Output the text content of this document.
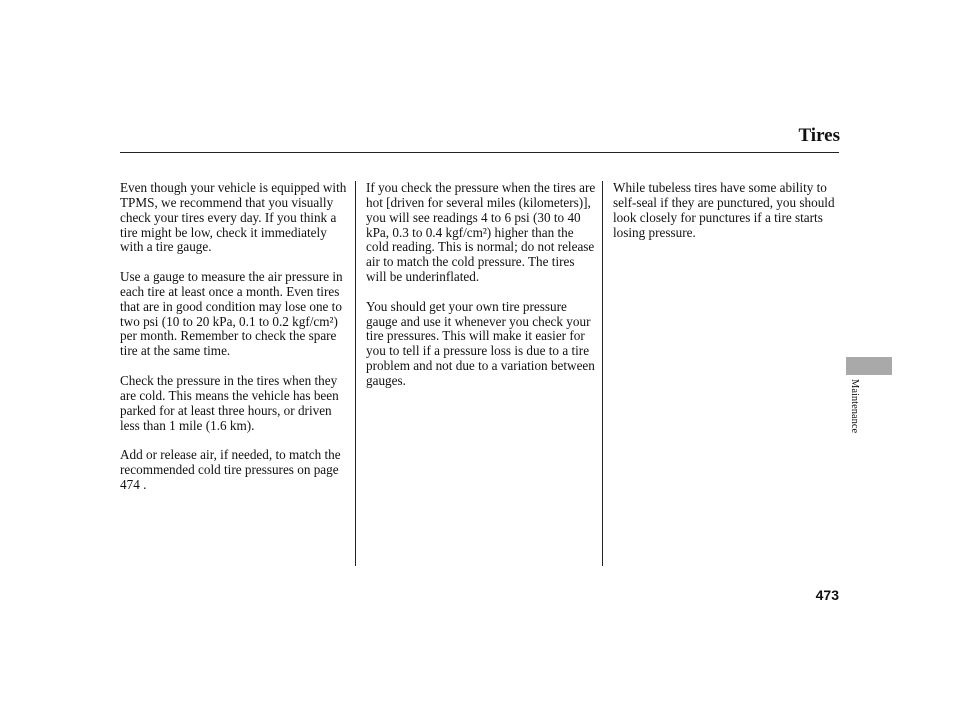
Tires

Even though your vehicle is equipped with TPMS, we recommend that you visually check your tires every day. If you think a tire might be low, check it immediately with a tire gauge.

Use a gauge to measure the air pressure in each tire at least once a month. Even tires that are in good condition may lose one to two psi (10 to 20 kPa, 0.1 to 0.2 kgf/cm²) per month. Remember to check the spare tire at the same time.

Check the pressure in the tires when they are cold. This means the vehicle has been parked for at least three hours, or driven less than 1 mile (1.6 km).

Add or release air, if needed, to match the recommended cold tire pressures on page 474 .

If you check the pressure when the tires are hot [driven for several miles (kilometers)], you will see readings 4 to 6 psi (30 to 40 kPa, 0.3 to 0.4 kgf/cm²) higher than the cold reading. This is normal; do not release air to match the cold pressure. The tires will be underinflated.

You should get your own tire pressure gauge and use it whenever you check your tire pressures. This will make it easier for you to tell if a pressure loss is due to a tire problem and not due to a variation between gauges.

While tubeless tires have some ability to self-seal if they are punctured, you should look closely for punctures if a tire starts losing pressure.

Maintenance
473
